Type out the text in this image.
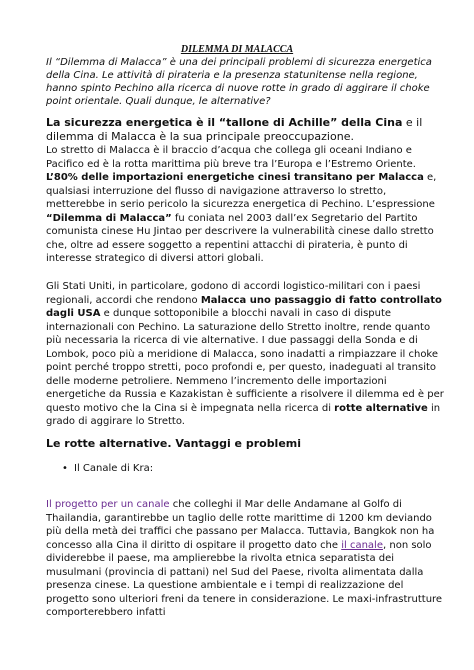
DILEMMA DI MALACCA
Il “Dilemma di Malacca” è una dei principali problemi di sicurezza energetica della Cina. Le attività di pirateria e la presenza statunitense nella regione, hanno spinto Pechino alla ricerca di nuove rotte in grado di aggirare il choke point orientale. Quali dunque, le alternative?
La sicurezza energetica è il “tallone di Achille” della Cina e il dilemma di Malacca è la sua principale preoccupazione.
Lo stretto di Malacca è il braccio d’acqua che collega gli oceani Indiano e Pacifico ed è la rotta marittima più breve tra l’Europa e l’Estremo Oriente. L’80% delle importazioni energetiche cinesi transitano per Malacca e, qualsiasi interruzione del flusso di navigazione attraverso lo stretto, metterebbe in serio pericolo la sicurezza energetica di Pechino. L’espressione “Dilemma di Malacca” fu coniata nel 2003 dall’ex Segretario del Partito comunista cinese Hu Jintao per descrivere la vulnerabilità cinese dallo stretto che, oltre ad essere soggetto a repentini attacchi di pirateria, è punto di interesse strategico di diversi attori globali.
Gli Stati Uniti, in particolare, godono di accordi logistico-militari con i paesi regionali, accordi che rendono Malacca uno passaggio di fatto controllato dagli USA e dunque sottoponibile a blocchi navali in caso di dispute internazionali con Pechino. La saturazione dello Stretto inoltre, rende quanto più necessaria la ricerca di vie alternative. I due passaggi della Sonda e di Lombok, poco più a meridione di Malacca, sono inadatti a rimpiazzare il choke point perché troppo stretti, poco profondi e, per questo, inadeguati al transito delle moderne petroliere. Nemmeno l’incremento delle importazioni energetiche da Russia e Kazakistan è sufficiente a risolvere il dilemma ed è per questo motivo che la Cina si è impegnata nella ricerca di rotte alternative in grado di aggirare lo Stretto.
Le rotte alternative. Vantaggi e problemi
• Il Canale di Kra:
Il progetto per un canale che colleghi il Mar delle Andamane al Golfo di Thailandia, garantirebbe un taglio delle rotte marittime di 1200 km deviando più della metà dei traffici che passano per Malacca. Tuttavia, Bangkok non ha concesso alla Cina il diritto di ospitare il progetto dato che il canale, non solo dividerebbe il paese, ma amplierebbe la rivolta etnica separatista dei musulmani (provincia di pattani) nel Sud del Paese, rivolta alimentata dalla presenza cinese. La questione ambientale e i tempi di realizzazione del progetto sono ulteriori freni da tenere in considerazione. Le maxi-infrastrutture comporterebbero infatti
